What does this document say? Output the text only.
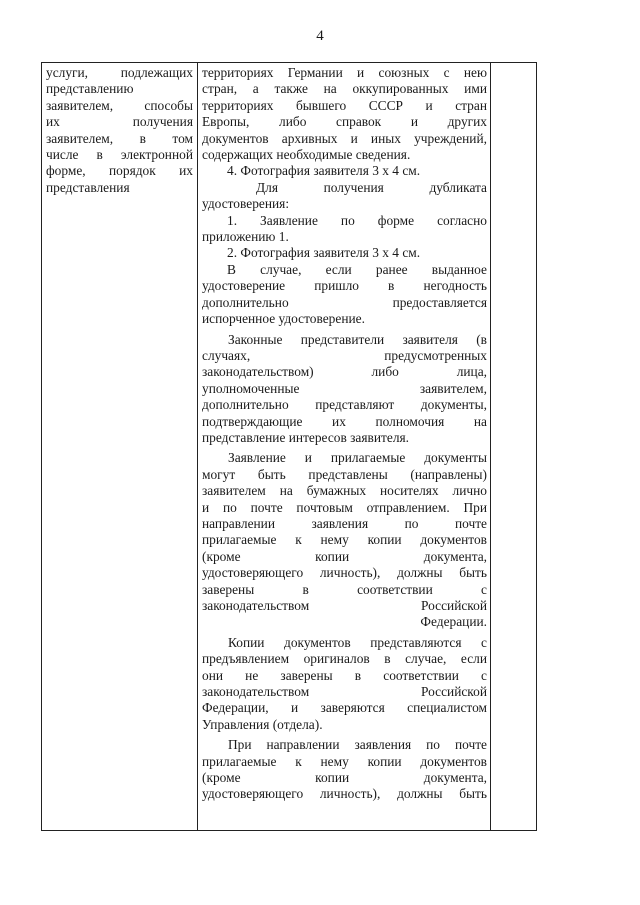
4
услуги, подлежащих
представлению
заявителем, способы
их получения
заявителем, в том
числе в электронной
форме, порядок их
представления

территориях Германии и союзных с нею
стран, а также на оккупированных ими
территориях бывшего СССР и стран
Европы, либо справок и других
документов архивных и иных учреждений,
содержащих необходимые сведения.
4. Фотография заявителя 3 х 4 см.
Для получения дубликата
удостоверения:
1. Заявление по форме согласно
приложению 1.
2. Фотография заявителя 3 х 4 см.
В случае, если ранее выданное
удостоверение пришло в негодность
дополнительно предоставляется
испорченное удостоверение.
Законные представители заявителя (в
случаях, предусмотренных
законодательством) либо лица,
уполномоченные заявителем,
дополнительно представляют документы,
подтверждающие их полномочия на
представление интересов заявителя.
Заявление и прилагаемые документы
могут быть представлены (направлены)
заявителем на бумажных носителях лично
и по почте почтовым отправлением. При
направлении заявления по почте
прилагаемые к нему копии документов
(кроме копии документа,
удостоверяющего личность), должны быть
заверены в соответствии с
законодательством Российской
Федерации.
Копии документов представляются с
предъявлением оригиналов в случае, если
они не заверены в соответствии с
законодательством Российской
Федерации, и заверяются специалистом
Управления (отдела).
При направлении заявления по почте
прилагаемые к нему копии документов
(кроме копии документа,
удостоверяющего личность), должны быть
